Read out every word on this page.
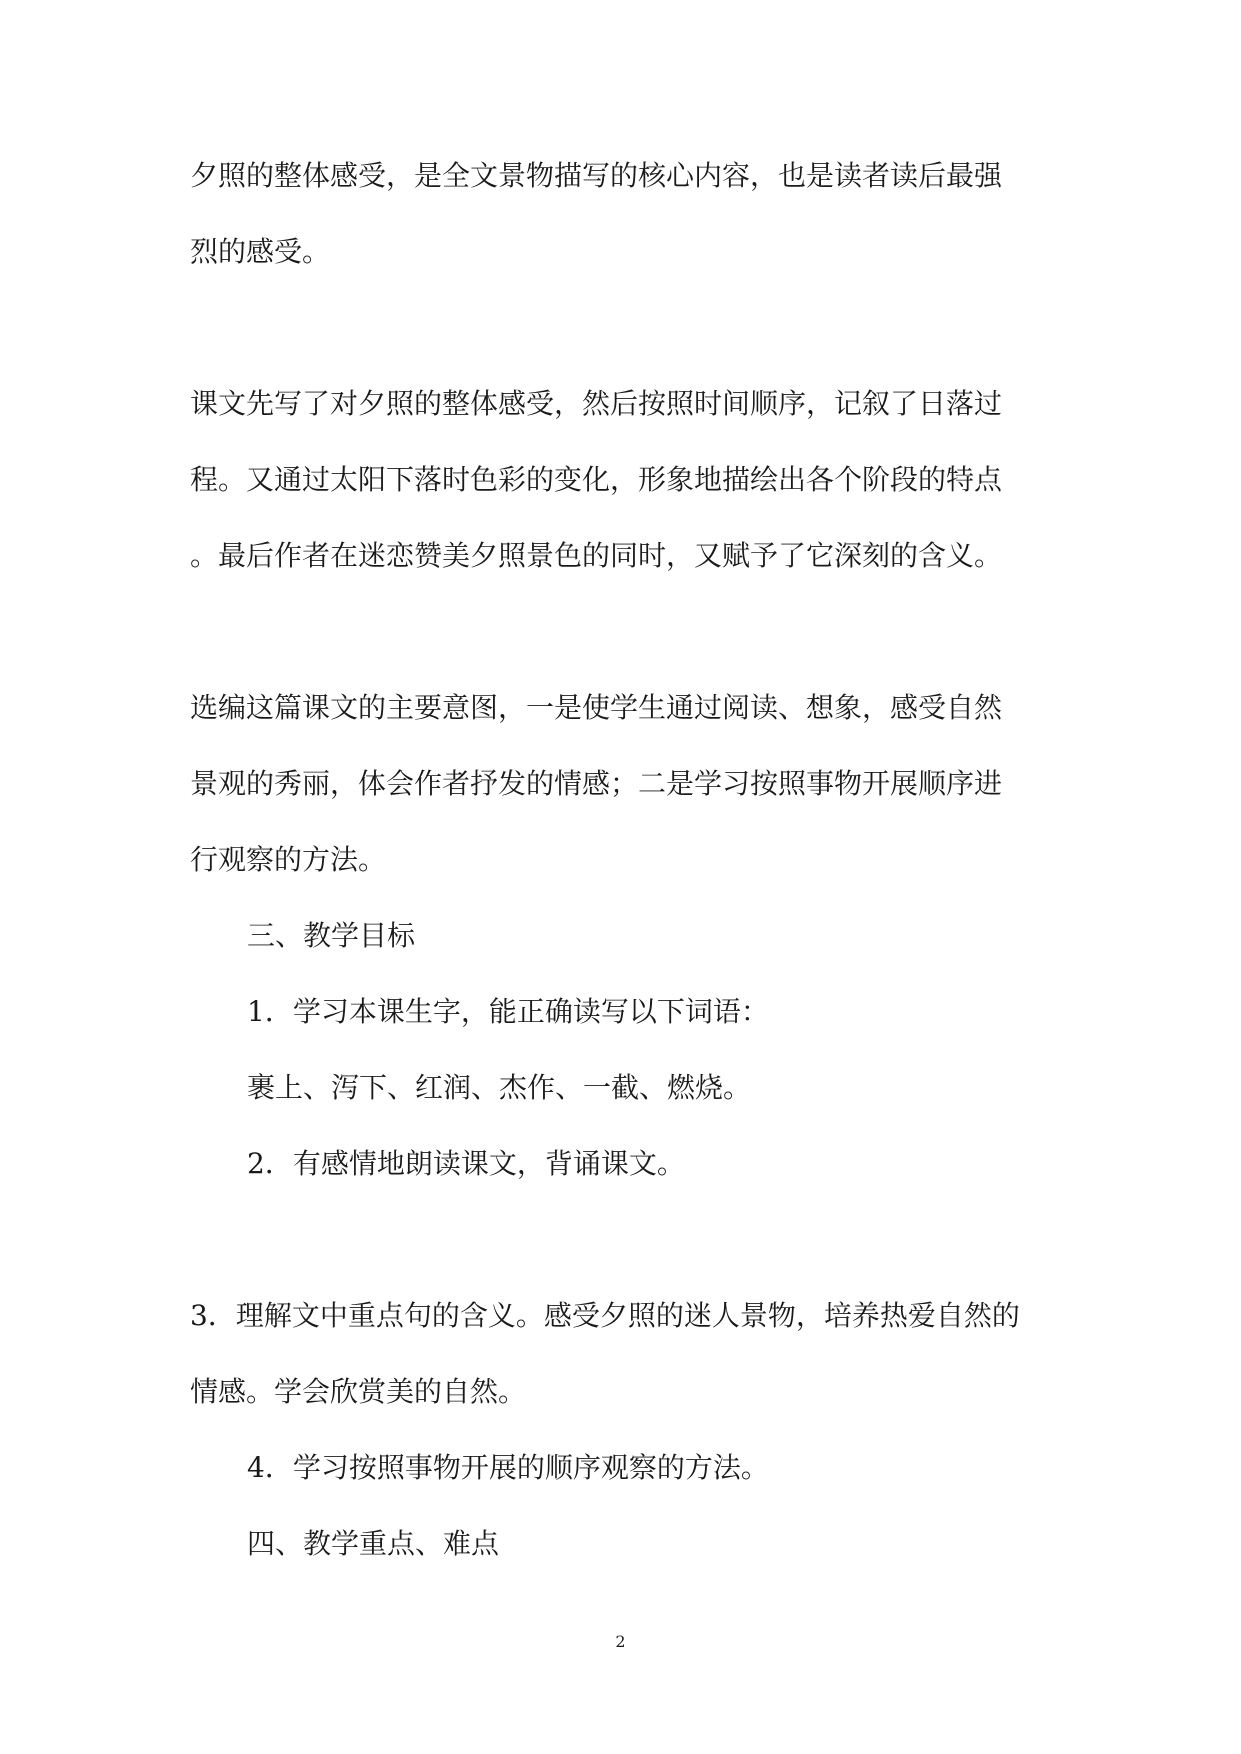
夕照的整体感受，是全文景物描写的核心内容，也是读者读后最强

烈的感受。

课文先写了对夕照的整体感受，然后按照时间顺序，记叙了日落过

程。又通过太阳下落时色彩的变化，形象地描绘出各个阶段的特点

。最后作者在迷恋赞美夕照景色的同时，又赋予了它深刻的含义。

选编这篇课文的主要意图，一是使学生通过阅读、想象，感受自然

景观的秀丽，体会作者抒发的情感；二是学习按照事物开展顺序进

行观察的方法。

三、教学目标

1．学习本课生字，能正确读写以下词语：

裹上、泻下、红润、杰作、一截、燃烧。

2．有感情地朗读课文，背诵课文。

3．理解文中重点句的含义。感受夕照的迷人景物，培养热爱自然的

情感。学会欣赏美的自然。

4．学习按照事物开展的顺序观察的方法。

四、教学重点、难点

2
